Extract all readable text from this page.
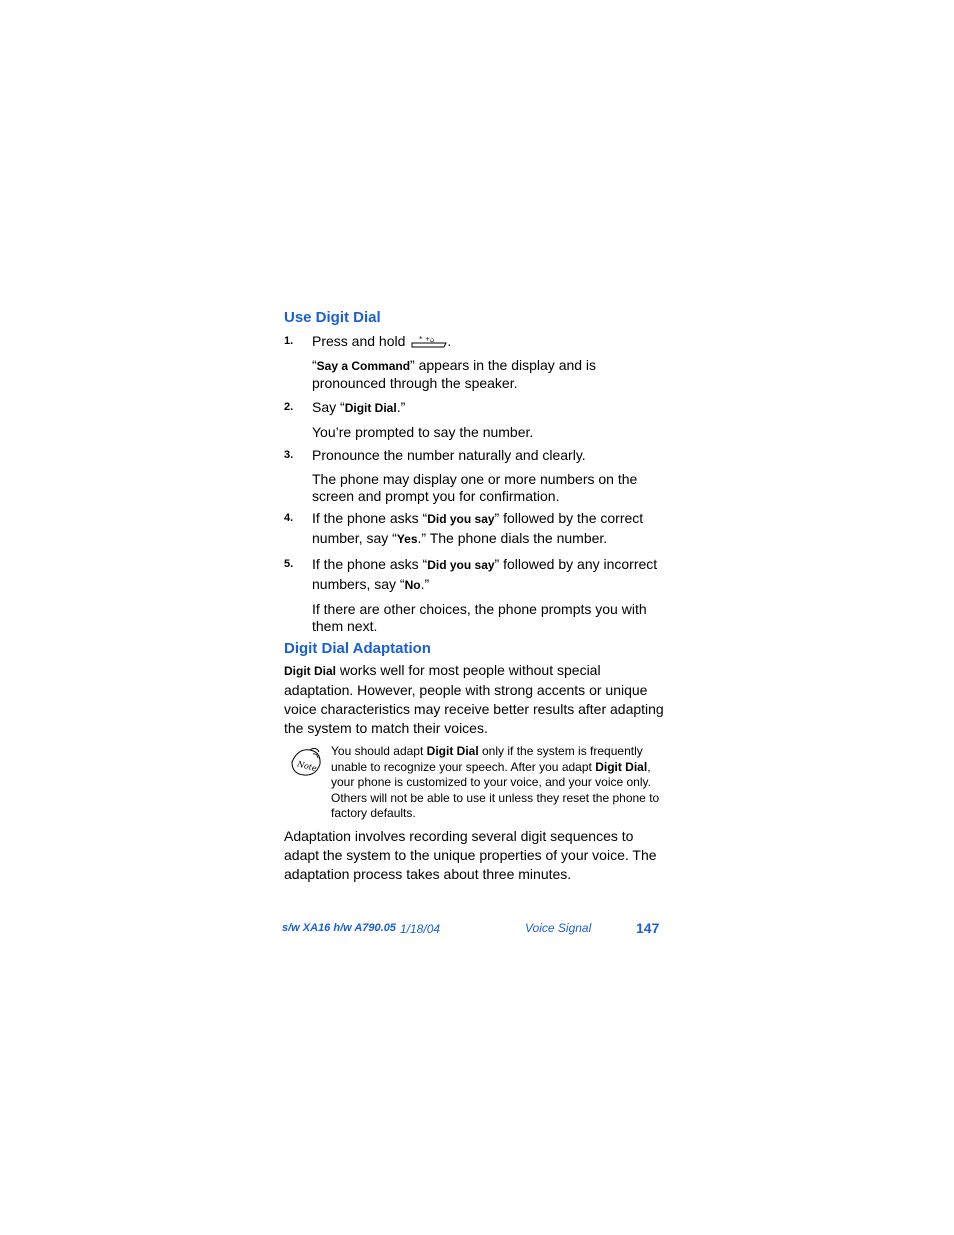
Use Digit Dial
1. Press and hold * + ڻ .
“Say a Command” appears in the display and is pronounced through the speaker.
2. Say “Digit Dial.”
You’re prompted to say the number.
3. Pronounce the number naturally and clearly.
The phone may display one or more numbers on the screen and prompt you for confirmation.
4. If the phone asks “Did you say” followed by the correct number, say “Yes.” The phone dials the number.
5. If the phone asks “Did you say” followed by any incorrect numbers, say “No.”
If there are other choices, the phone prompts you with them next.
Digit Dial Adaptation
Digit Dial works well for most people without special adaptation. However, people with strong accents or unique voice characteristics may receive better results after adapting the system to match their voices.
Note
You should adapt Digit Dial only if the system is frequently unable to recognize your speech. After you adapt Digit Dial, your phone is customized to your voice, and your voice only. Others will not be able to use it unless they reset the phone to factory defaults.
Adaptation involves recording several digit sequences to adapt the system to the unique properties of your voice. The adaptation process takes about three minutes.
s/w XA16 h/w A790.05 1/18/04	Voice Signal	147
